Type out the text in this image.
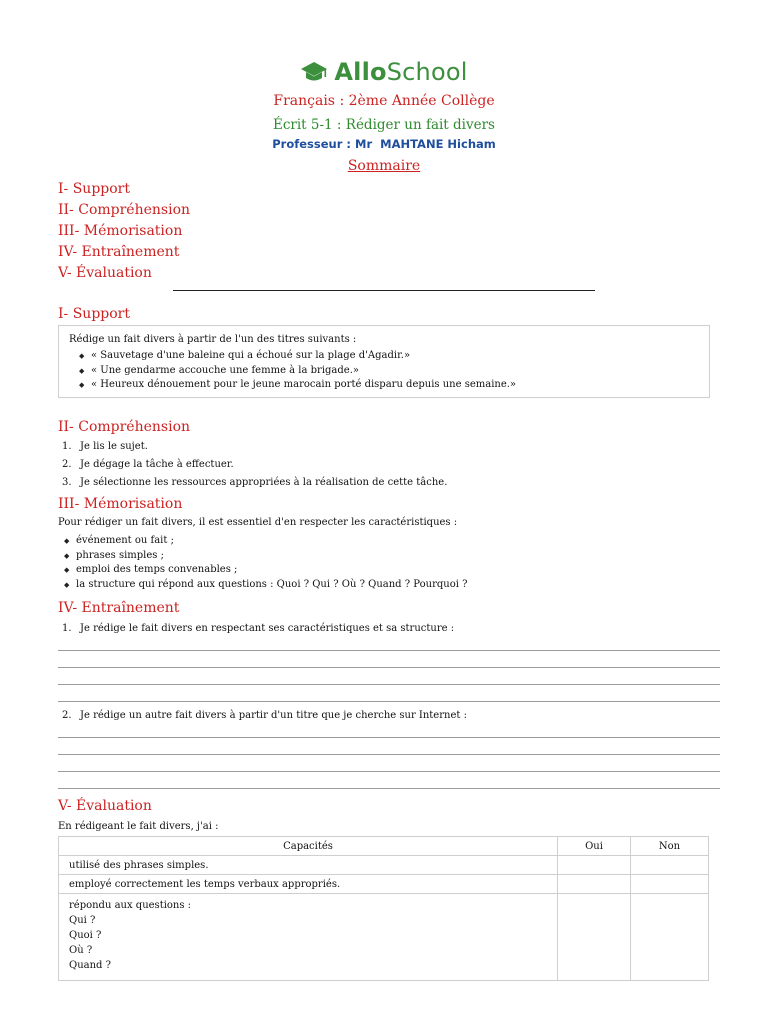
AlloSchool
Français : 2ème Année Collège
Écrit 5-1 : Rédiger un fait divers
Professeur : Mr MAHTANE Hicham
Sommaire
I- Support
II- Compréhension
III- Mémorisation
IV- Entraînement
V- Évaluation
I- Support
Rédige un fait divers à partir de l'un des titres suivants :
◆ « Sauvetage d'une baleine qui a échoué sur la plage d'Agadir.»
◆ « Une gendarme accouche une femme à la brigade.»
◆ « Heureux dénouement pour le jeune marocain porté disparu depuis une semaine.»
II- Compréhension
1. Je lis le sujet.
2. Je dégage la tâche à effectuer.
3. Je sélectionne les ressources appropriées à la réalisation de cette tâche.
III- Mémorisation
Pour rédiger un fait divers, il est essentiel d'en respecter les caractéristiques :
◆ événement ou fait ;
◆ phrases simples ;
◆ emploi des temps convenables ;
◆ la structure qui répond aux questions : Quoi ? Qui ? Où ? Quand ? Pourquoi ?
IV- Entraînement
1. Je rédige le fait divers en respectant ses caractéristiques et sa structure :
2. Je rédige un autre fait divers à partir d'un titre que je cherche sur Internet :
V- Évaluation
En rédigeant le fait divers, j'ai :
Capacités	Oui	Non
utilisé des phrases simples.		
employé correctement les temps verbaux appropriés.		

répondu aux questions :
Qui ?
Quoi ?
Où ?
Quand ?		
